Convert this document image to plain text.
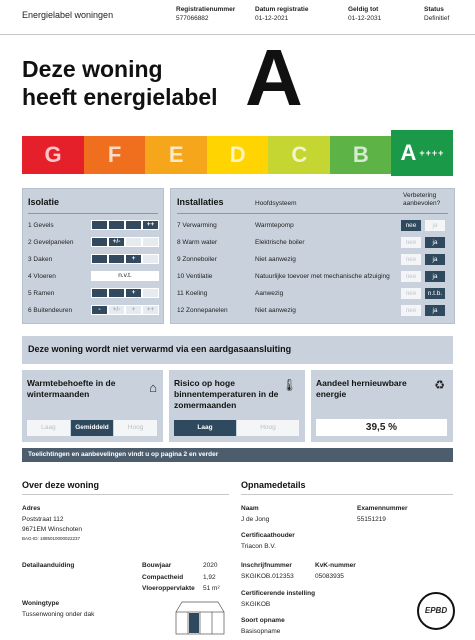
Energielabel woningen
Registratienummer
577066882
Datum registratie
01-12-2021
Geldig tot
01-12-2031
Status
Definitief
Deze woning
heeft energielabel A
G F E D C B A ++++
Isolatie
1 Gevels	++
2 Gevelpanelen	+/-
3 Daken	+
4 Vloeren	n.v.t.
5 Ramen	+
6 Buitendeuren	-	+/-	+	++
Installaties	Hoofdsysteem
Verbetering aanbevolen?
7 Verwarming	Warmtepomp	nee	ja
8 Warm water	Elektrische boiler	nee	ja
9 Zonneboiler	Niet aanwezig	nee	ja
10 Ventilatie	Natuurlijke toevoer met mechanische afzuiging	nee	ja
11 Koeling	Aanwezig	nee	n.t.b.
12 Zonnepanelen	Niet aanwezig	nee	ja
Deze woning wordt niet verwarmd via een aardgasaansluiting
Warmtebehoefte in de wintermaanden	⌂
Laag	Gemiddeld	Hoog
Risico op hoge binnentemperaturen in de zomermaanden
🌡
Laag	Hoog
Aandeel hernieuwbare energie
♻
39,5 %
Toelichtingen en aanbevelingen vindt u op pagina 2 en verder
Over deze woning
Adres
Poststraat 112
9671EM Winschoten
BAG-ID: 1885010000022237
Detailaanduiding	Bouwjaar	2020
Compactheid	1,92
Vloeroppervlakte 51 m²
Woningtype
Tussenwoning onder dak
Opnamedetails
Naam
J de Jong
Examennummer
55151219
Certificaathouder
Triacon B.V.
Inschrijfnummer
SKGIKOB.012353
KvK-nummer
05083935
Certificerende instelling
SKGIKOB
Soort opname
Basisopname
EPBD
